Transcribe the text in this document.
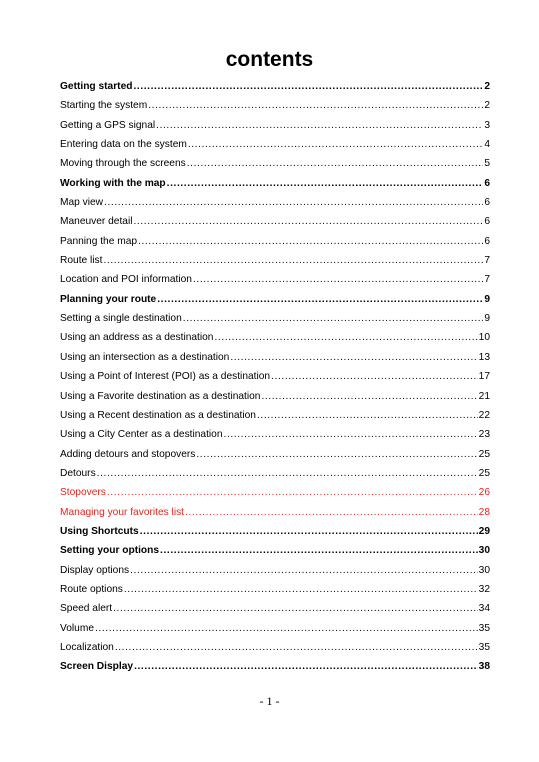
contents
Getting started .....	2
Starting the system .....	2
Getting a GPS signal .....	3
Entering data on the system .....	4
Moving through the screens .....	5
Working with the map .....	6
Map view .....	6
Maneuver detail .....	6
Panning the map .....	6
Route list .....	7
Location and POI information .....	7
Planning your route .....	9
Setting a single destination .....	9
Using an address as a destination .....	10
Using an intersection as a destination .....	13
Using a Point of Interest (POI) as a destination .....	17
Using a Favorite destination as a destination .....	21
Using a Recent destination as a destination .....	22
Using a City Center as a destination .....	23
Adding detours and stopovers .....	25
Detours .....	25
Stopovers .....	26
Managing your favorites list .....	28
Using Shortcuts .....	29
Setting your options .....	30
Display options .....	30
Route options .....	32
Speed alert .....	34
Volume .....	35
Localization .....	35
Screen Display .....	38
- 1 -
